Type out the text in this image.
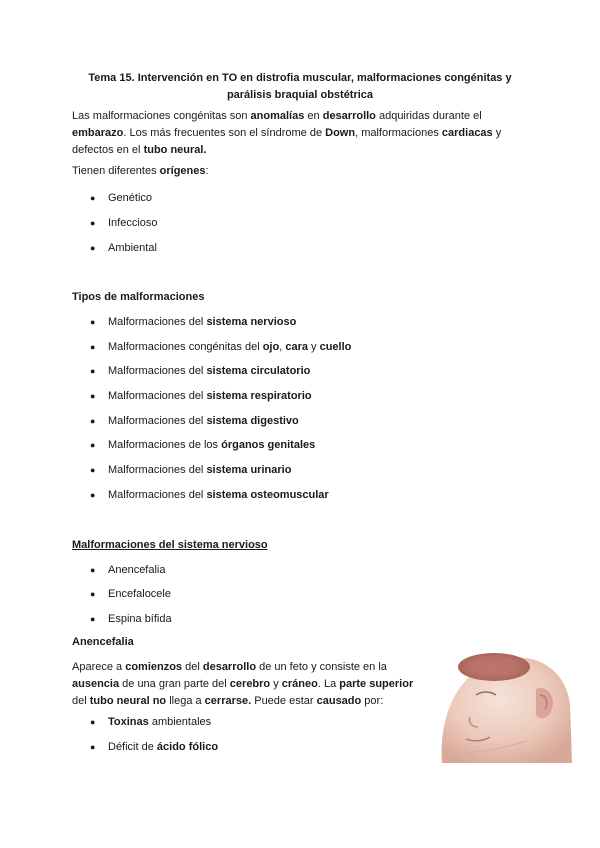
Tema 15. Intervención en TO en distrofia muscular, malformaciones congénitas y
parálisis braquial obstétrica
Las malformaciones congénitas son anomalías en desarrollo adquiridas durante el
embarazo. Los más frecuentes son el síndrome de Down, malformaciones cardiacas y
defectos en el tubo neural.
Tienen diferentes orígenes:
● Genético
● Infeccioso
● Ambiental
Tipos de malformaciones
● Malformaciones del sistema nervioso
● Malformaciones congénitas del ojo, cara y cuello
● Malformaciones del sistema circulatorio
● Malformaciones del sistema respiratorio
● Malformaciones del sistema digestivo
● Malformaciones de los órganos genitales
● Malformaciones del sistema urinario
● Malformaciones del sistema osteomuscular
Malformaciones del sistema nervioso
● Anencefalia
● Encefalocele
● Espina bífida
Anencefalia
Aparece a comienzos del desarrollo de un feto y consiste en la
ausencia de una gran parte del cerebro y cráneo. La parte superior
del tubo neural no llega a cerrarse. Puede estar causado por:
● Toxinas ambientales
● Déficit de ácido fólico
